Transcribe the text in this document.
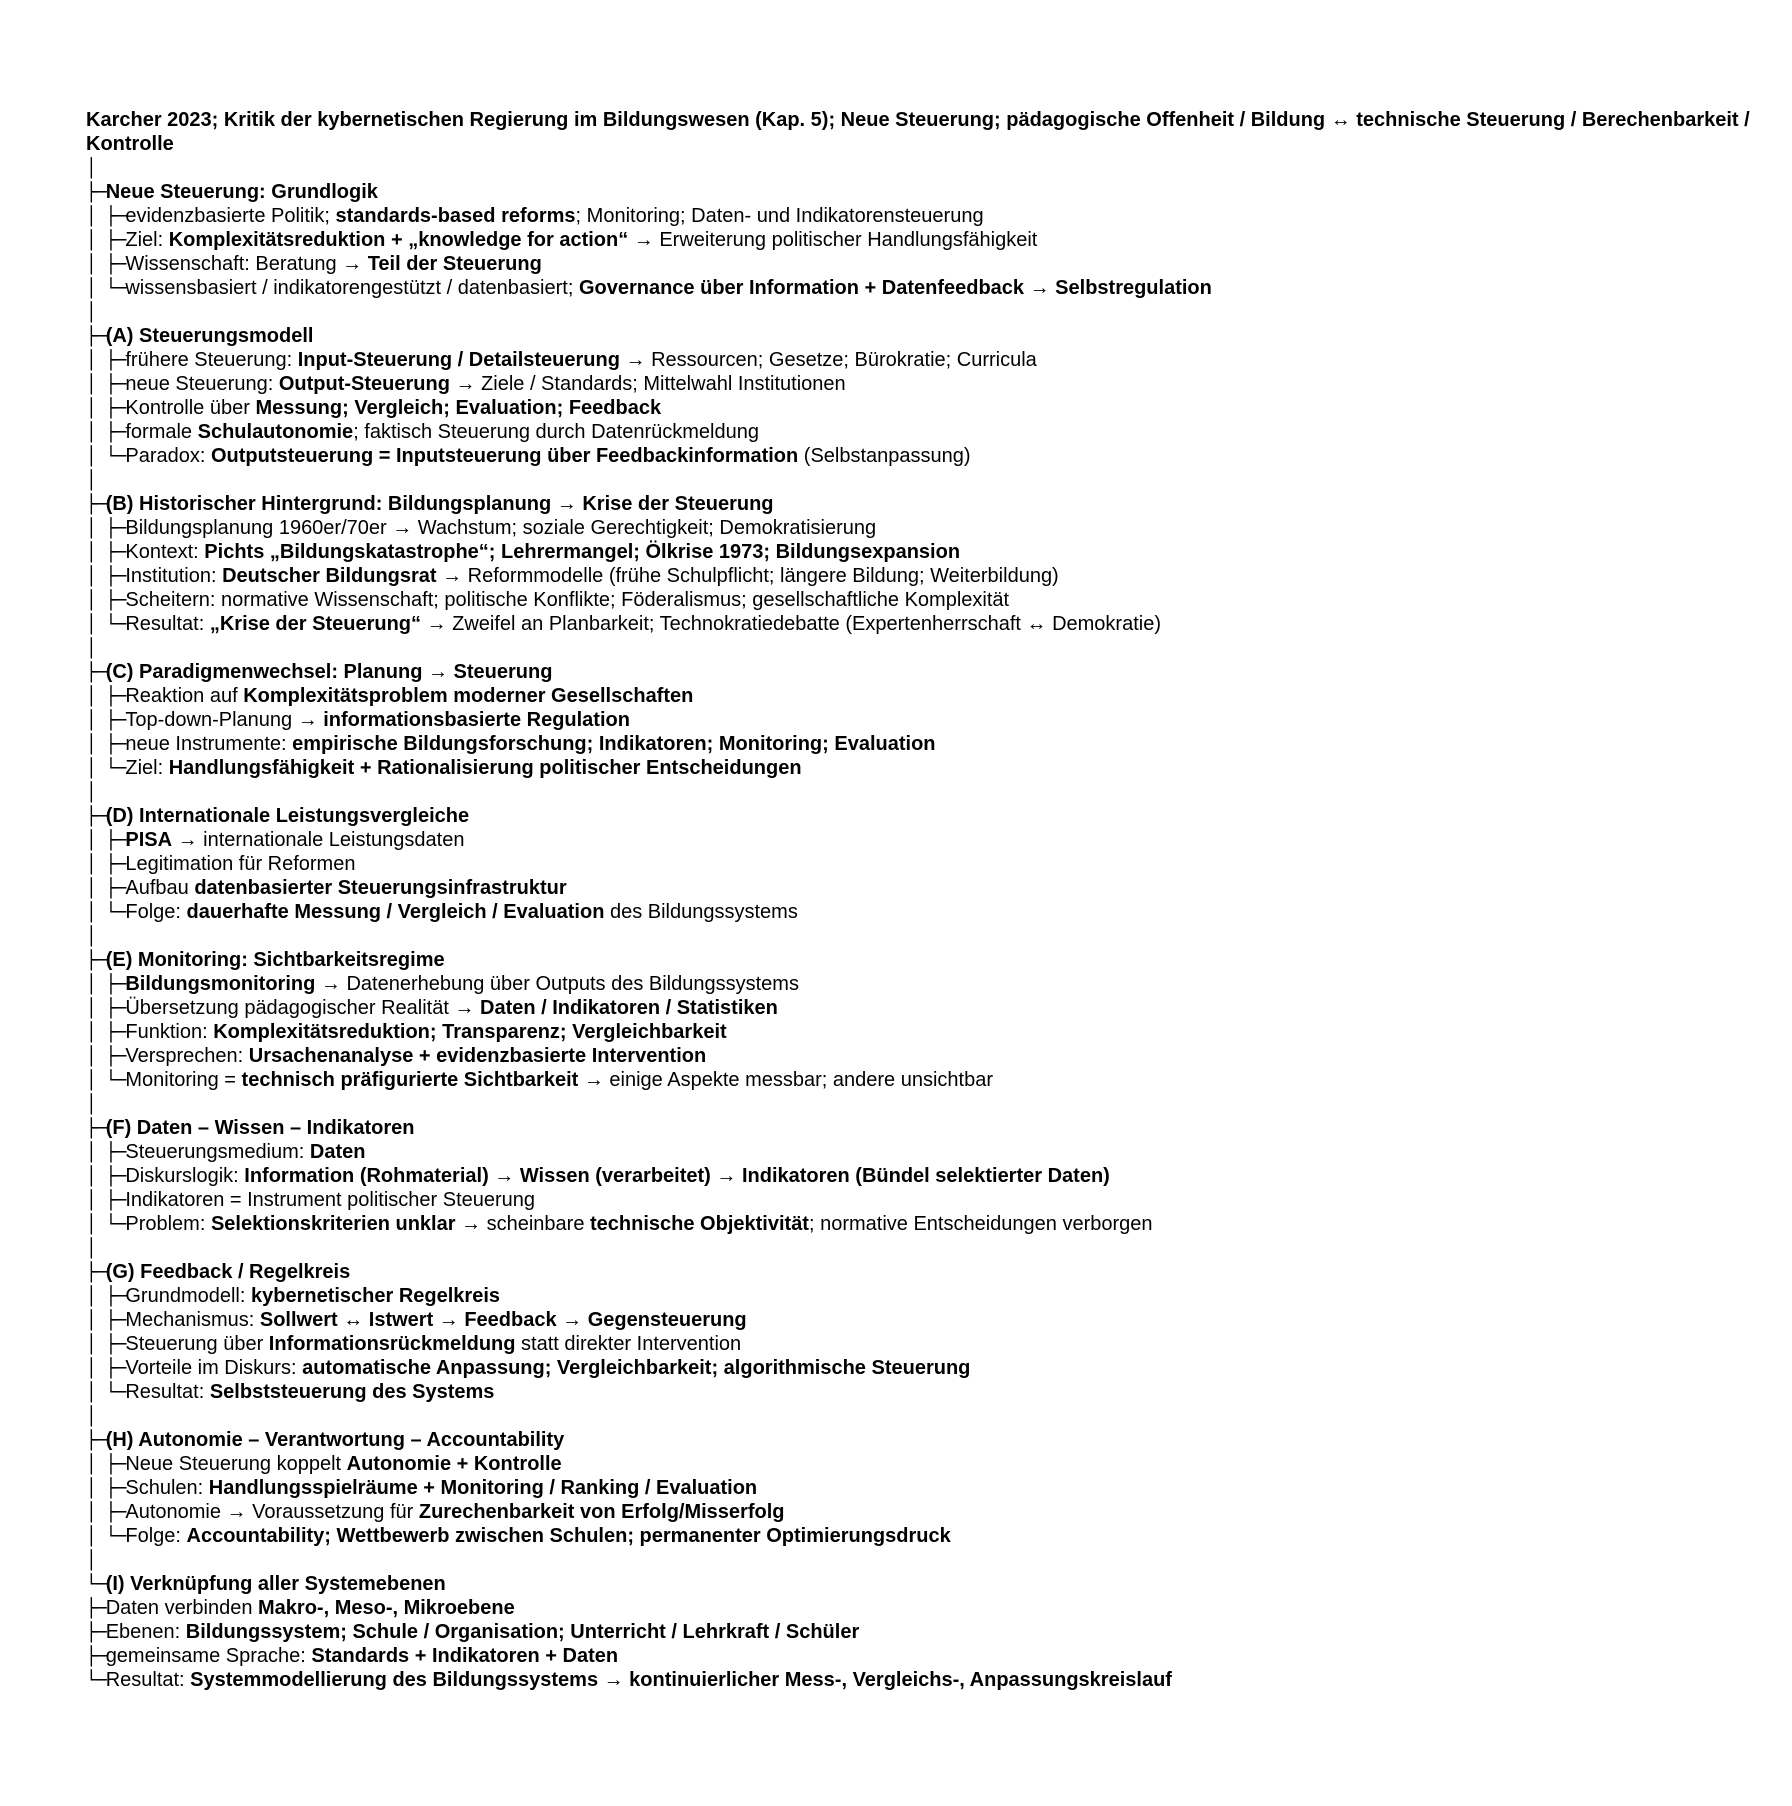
Karcher 2023; Kritik der kybernetischen Regierung im Bildungswesen (Kap. 5); Neue Steuerung; pädagogische Offenheit / Bildung ↔ technische Steuerung / Berechenbarkeit / Kontrolle
│
├─Neue Steuerung: Grundlogik
│ ├─evidenzbasierte Politik; standards-based reforms; Monitoring; Daten- und Indikatorensteuerung
│ ├─Ziel: Komplexitätsreduktion + „knowledge for action“ → Erweiterung politischer Handlungsfähigkeit
│ ├─Wissenschaft: Beratung → Teil der Steuerung
│ └─wissensbasiert / indikatorengestützt / datenbasiert; Governance über Information + Datenfeedback → Selbstregulation
│
├─(A) Steuerungsmodell
│ ├─frühere Steuerung: Input-Steuerung / Detailsteuerung → Ressourcen; Gesetze; Bürokratie; Curricula
│ ├─neue Steuerung: Output-Steuerung → Ziele / Standards; Mittelwahl Institutionen
│ ├─Kontrolle über Messung; Vergleich; Evaluation; Feedback
│ ├─formale Schulautonomie; faktisch Steuerung durch Datenrückmeldung
│ └─Paradox: Outputsteuerung = Inputsteuerung über Feedbackinformation (Selbstanpassung)
│
├─(B) Historischer Hintergrund: Bildungsplanung → Krise der Steuerung
│ ├─Bildungsplanung 1960er/70er → Wachstum; soziale Gerechtigkeit; Demokratisierung
│ ├─Kontext: Pichts „Bildungskatastrophe“; Lehrermangel; Ölkrise 1973; Bildungsexpansion
│ ├─Institution: Deutscher Bildungsrat → Reformmodelle (frühe Schulpflicht; längere Bildung; Weiterbildung)
│ ├─Scheitern: normative Wissenschaft; politische Konflikte; Föderalismus; gesellschaftliche Komplexität
│ └─Resultat: „Krise der Steuerung“ → Zweifel an Planbarkeit; Technokratiedebatte (Expertenherrschaft ↔ Demokratie)
│
├─(C) Paradigmenwechsel: Planung → Steuerung
│ ├─Reaktion auf Komplexitätsproblem moderner Gesellschaften
│ ├─Top-down-Planung → informationsbasierte Regulation
│ ├─neue Instrumente: empirische Bildungsforschung; Indikatoren; Monitoring; Evaluation
│ └─Ziel: Handlungsfähigkeit + Rationalisierung politischer Entscheidungen
│
├─(D) Internationale Leistungsvergleiche
│ ├─PISA → internationale Leistungsdaten
│ ├─Legitimation für Reformen
│ ├─Aufbau datenbasierter Steuerungsinfrastruktur
│ └─Folge: dauerhafte Messung / Vergleich / Evaluation des Bildungssystems
│
├─(E) Monitoring: Sichtbarkeitsregime
│ ├─Bildungsmonitoring → Datenerhebung über Outputs des Bildungssystems
│ ├─Übersetzung pädagogischer Realität → Daten / Indikatoren / Statistiken
│ ├─Funktion: Komplexitätsreduktion; Transparenz; Vergleichbarkeit
│ ├─Versprechen: Ursachenanalyse + evidenzbasierte Intervention
│ └─Monitoring = technisch präfigurierte Sichtbarkeit → einige Aspekte messbar; andere unsichtbar
│
├─(F) Daten – Wissen – Indikatoren
│ ├─Steuerungsmedium: Daten
│ ├─Diskurslogik: Information (Rohmaterial) → Wissen (verarbeitet) → Indikatoren (Bündel selektierter Daten)
│ ├─Indikatoren = Instrument politischer Steuerung
│ └─Problem: Selektionskriterien unklar → scheinbare technische Objektivität; normative Entscheidungen verborgen
│
├─(G) Feedback / Regelkreis
│ ├─Grundmodell: kybernetischer Regelkreis
│ ├─Mechanismus: Sollwert ↔ Istwert → Feedback → Gegensteuerung
│ ├─Steuerung über Informationsrückmeldung statt direkter Intervention
│ ├─Vorteile im Diskurs: automatische Anpassung; Vergleichbarkeit; algorithmische Steuerung
│ └─Resultat: Selbststeuerung des Systems
│
├─(H) Autonomie – Verantwortung – Accountability
│ ├─Neue Steuerung koppelt Autonomie + Kontrolle
│ ├─Schulen: Handlungsspielräume + Monitoring / Ranking / Evaluation
│ ├─Autonomie → Voraussetzung für Zurechenbarkeit von Erfolg/Misserfolg
│ └─Folge: Accountability; Wettbewerb zwischen Schulen; permanenter Optimierungsdruck
│
└─(I) Verknüpfung aller Systemebenen
├─Daten verbinden Makro-, Meso-, Mikroebene
├─Ebenen: Bildungssystem; Schule / Organisation; Unterricht / Lehrkraft / Schüler
├─gemeinsame Sprache: Standards + Indikatoren + Daten
└─Resultat: Systemmodellierung des Bildungssystems → kontinuierlicher Mess-, Vergleichs-, Anpassungskreislauf
